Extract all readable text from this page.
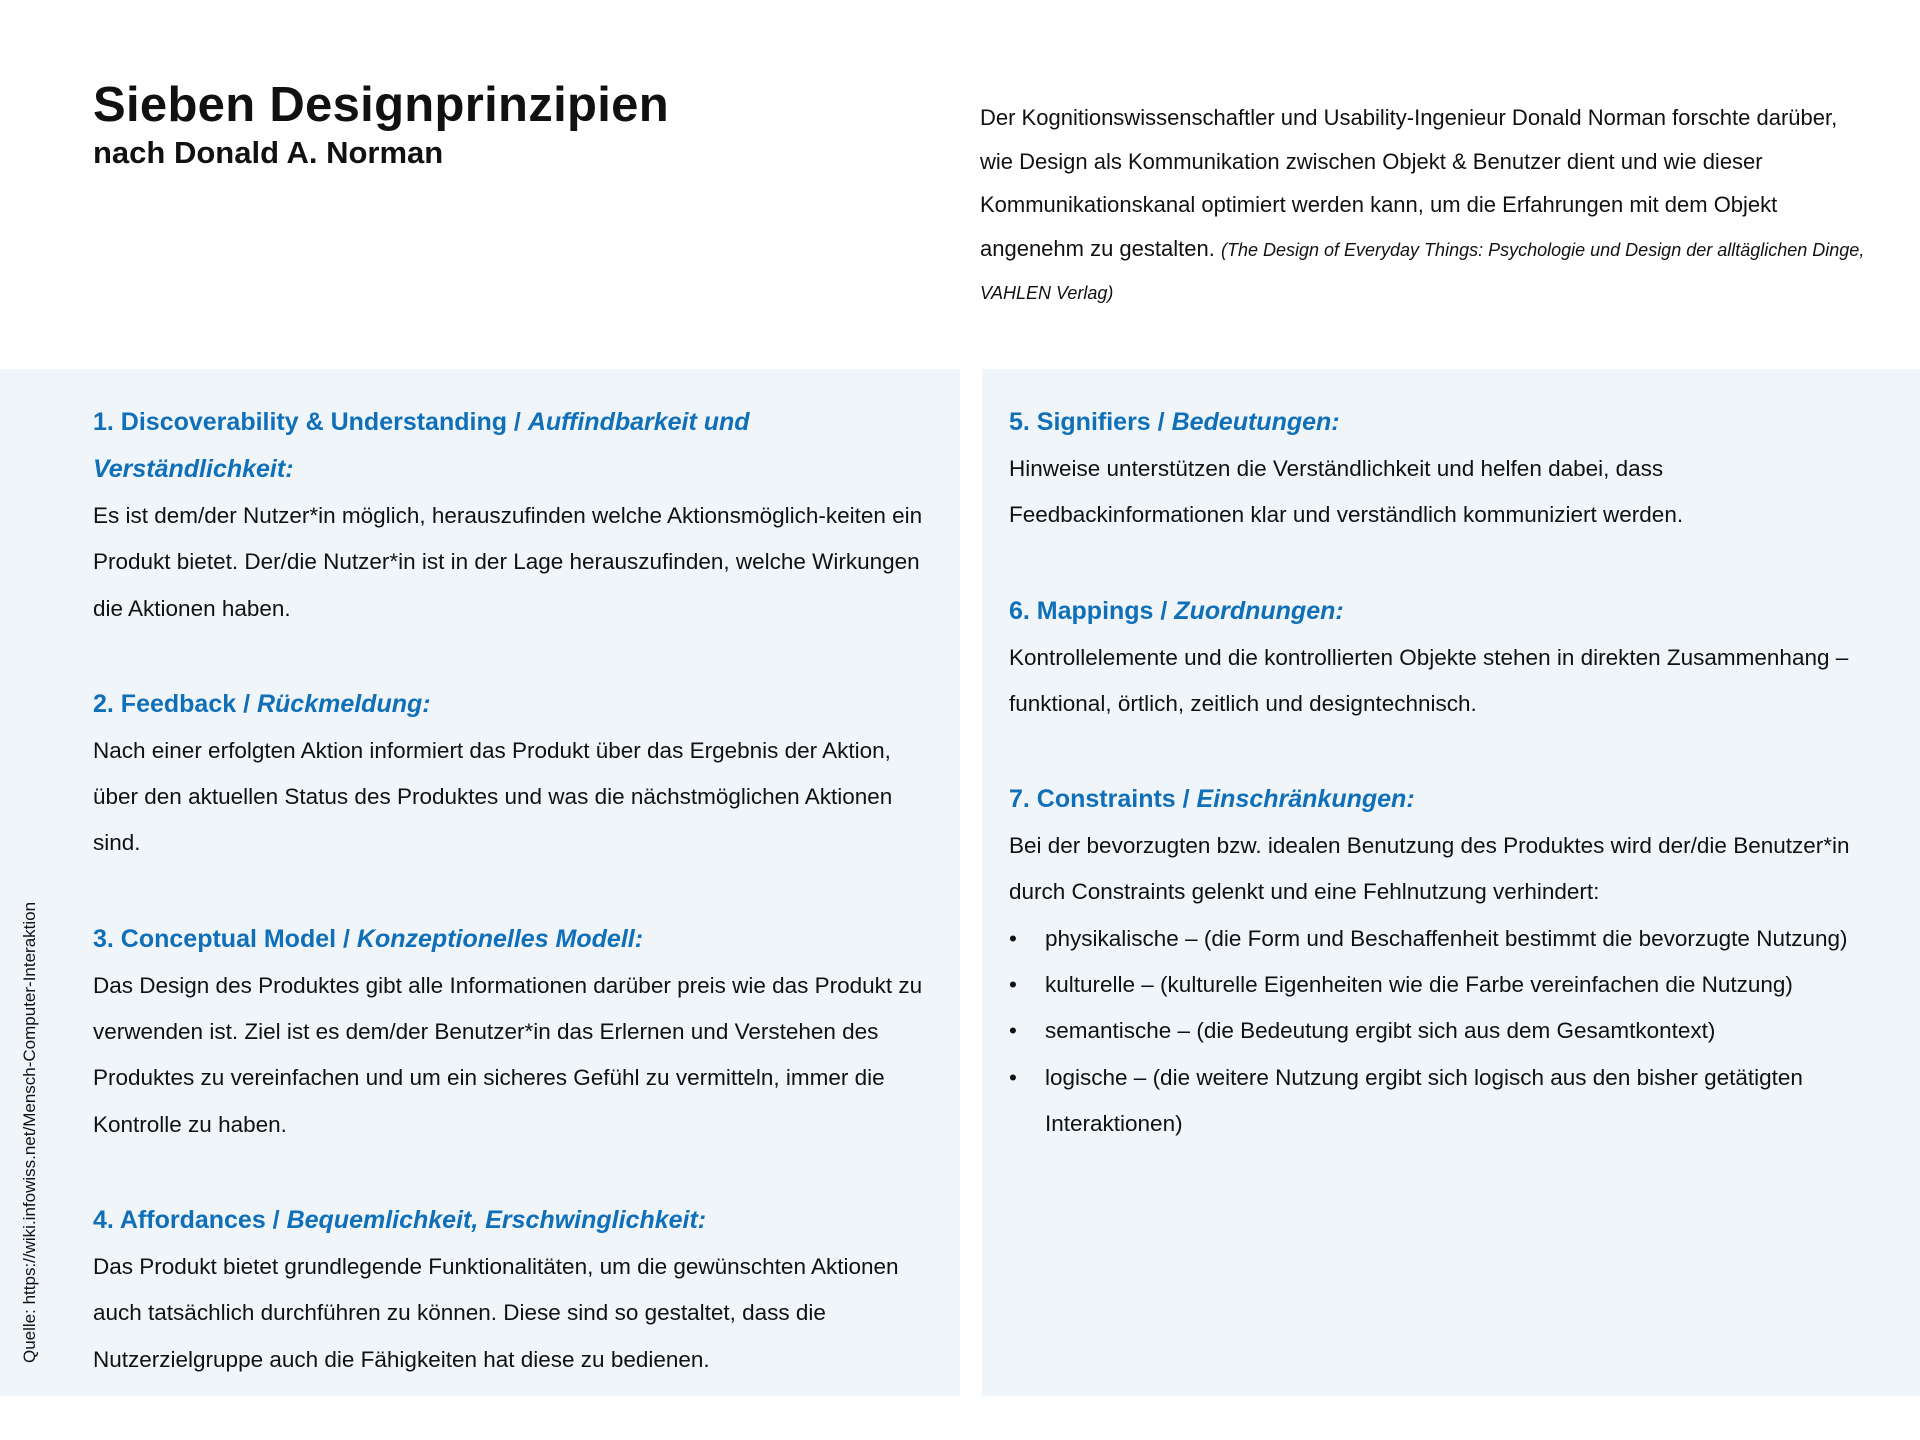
Sieben Designprinzipien
nach Donald A. Norman

Der Kognitionswissenschaftler und Usability-Ingenieur Donald Norman forschte darüber, wie Design als Kommunikation zwischen Objekt & Benutzer dient und wie dieser Kommunikationskanal optimiert werden kann, um die Erfahrungen mit dem Objekt angenehm zu gestalten. (The Design of Everyday Things: Psychologie und Design der alltäglichen Dinge, VAHLEN Verlag)

1. Discoverability & Understanding / Auffindbarkeit und Verständlichkeit:

Es ist dem/der Nutzer*in möglich, herauszufinden welche Aktionsmöglich-keiten ein Produkt bietet. Der/die Nutzer*in ist in der Lage herauszufinden, welche Wirkungen die Aktionen haben.

2. Feedback / Rückmeldung:

Nach einer erfolgten Aktion informiert das Produkt über das Ergebnis der Aktion, über den aktuellen Status des Produktes und was die nächstmöglichen Aktionen sind.

3. Conceptual Model / Konzeptionelles Modell:

Das Design des Produktes gibt alle Informationen darüber preis wie das Produkt zu verwenden ist. Ziel ist es dem/der Benutzer*in das Erlernen und Verstehen des Produktes zu vereinfachen und um ein sicheres Gefühl zu vermitteln, immer die Kontrolle zu haben.

4. Affordances / Bequemlichkeit, Erschwinglichkeit:

Das Produkt bietet grundlegende Funktionalitäten, um die gewünschten Aktionen auch tatsächlich durchführen zu können. Diese sind so gestaltet, dass die Nutzerzielgruppe auch die Fähigkeiten hat diese zu bedienen.

5. Signifiers / Bedeutungen:

Hinweise unterstützen die Verständlichkeit und helfen dabei, dass Feedbackinformationen klar und verständlich kommuniziert werden.

6. Mappings / Zuordnungen:

Kontrollelemente und die kontrollierten Objekte stehen in direkten Zusammenhang – funktional, örtlich, zeitlich und designtechnisch.

7. Constraints / Einschränkungen:

Bei der bevorzugten bzw. idealen Benutzung des Produktes wird der/die Benutzer*in durch Constraints gelenkt und eine Fehlnutzung verhindert:

• physikalische – (die Form und Beschaffenheit bestimmt die bevorzugte Nutzung)
• kulturelle – (kulturelle Eigenheiten wie die Farbe vereinfachen die Nutzung)
• semantische – (die Bedeutung ergibt sich aus dem Gesamtkontext)
• logische – (die weitere Nutzung ergibt sich logisch aus den bisher getätigten Interaktionen)
Quelle: https://wiki.infowiss.net/Mensch-Computer-Interaktion
